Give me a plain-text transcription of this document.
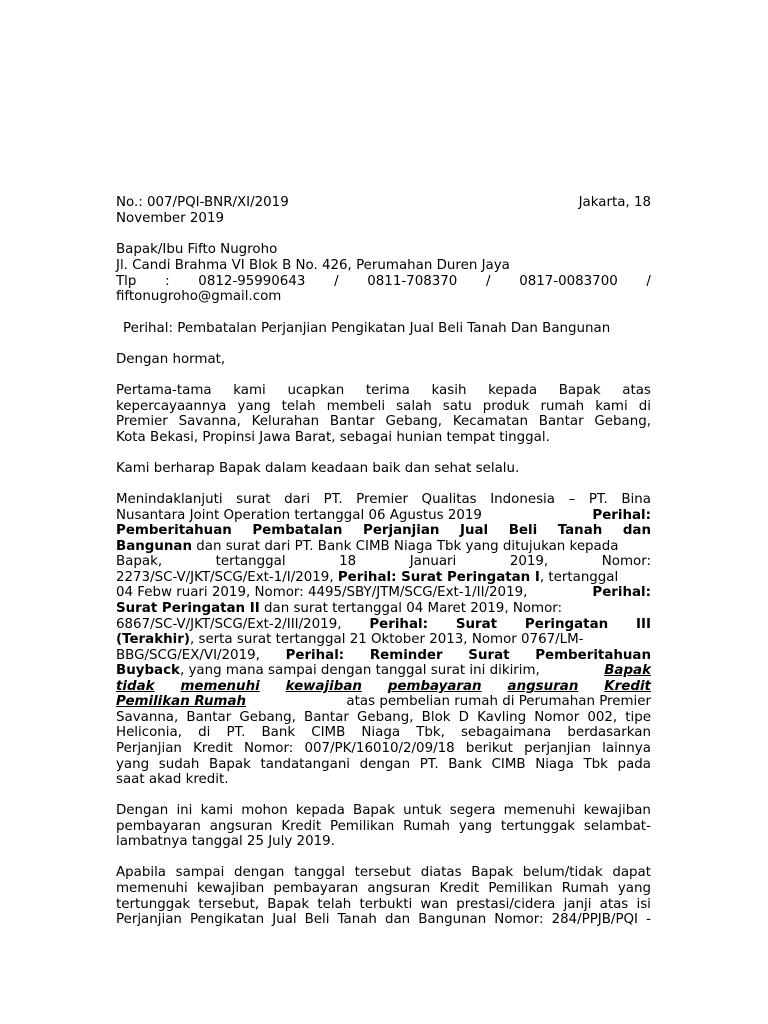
No.: 007/PQI-BNR/XI/2019	Jakarta, 18
November 2019
Bapak/Ibu Fifto Nugroho
Jl. Candi Brahma VI Blok B No. 426, Perumahan Duren Jaya
Tlp : 0812-95990643 / 0811-708370 / 0817-0083700 /
fiftonugroho@gmail.com
Perihal: Pembatalan Perjanjian Pengikatan Jual Beli Tanah Dan Bangunan
Dengan hormat,
Pertama-tama kami ucapkan terima kasih kepada Bapak atas
kepercayaannya yang telah membeli salah satu produk rumah kami di
Premier Savanna, Kelurahan Bantar Gebang, Kecamatan Bantar Gebang,
Kota Bekasi, Propinsi Jawa Barat, sebagai hunian tempat tinggal.
Kami berharap Bapak dalam keadaan baik dan sehat selalu.
Menindaklanjuti surat dari PT. Premier Qualitas Indonesia – PT. Bina
Nusantara Joint Operation tertanggal 06 Agustus 2019	Perihal:
Pemberitahuan Pembatalan Perjanjian Jual Beli Tanah dan
Bangunan dan surat dari PT. Bank CIMB Niaga Tbk yang ditujukan kepada
Bapak,	tertanggal	18	Januari	2019,	Nomor:
2273/SC-V/JKT/SCG/Ext-1/I/2019, Perihal: Surat Peringatan I, tertanggal
04 Febw ruari 2019, Nomor: 4495/SBY/JTM/SCG/Ext-1/II/2019,	Perihal:
Surat Peringatan II dan surat tertanggal 04 Maret 2019, Nomor:
6867/SC-V/JKT/SCG/Ext-2/III/2019, Perihal: Surat Peringatan III
(Terakhir), serta surat tertanggal 21 Oktober 2013, Nomor 0767/LM-
BBG/SCG/EX/VI/2019, Perihal: Reminder Surat Pemberitahuan
Buyback, yang mana sampai dengan tanggal surat ini dikirim,	Bapak
tidak memenuhi kewajiban pembayaran angsuran Kredit
Pemilikan Rumah	atas pembelian rumah di Perumahan Premier
Savanna, Bantar Gebang, Bantar Gebang, Blok D Kavling Nomor 002, tipe
Heliconia, di PT. Bank CIMB Niaga Tbk, sebagaimana berdasarkan
Perjanjian Kredit Nomor: 007/PK/16010/2/09/18 berikut perjanjian lainnya
yang sudah Bapak tandatangani dengan PT. Bank CIMB Niaga Tbk pada
saat akad kredit.
Dengan ini kami mohon kepada Bapak untuk segera memenuhi kewajiban
pembayaran angsuran Kredit Pemilikan Rumah yang tertunggak selambat-
lambatnya tanggal 25 July 2019.
Apabila sampai dengan tanggal tersebut diatas Bapak belum/tidak dapat
memenuhi kewajiban pembayaran angsuran Kredit Pemilikan Rumah yang
tertunggak tersebut, Bapak telah terbukti wan prestasi/cidera janji atas isi
Perjanjian Pengikatan Jual Beli Tanah dan Bangunan Nomor: 284/PPJB/PQI -
